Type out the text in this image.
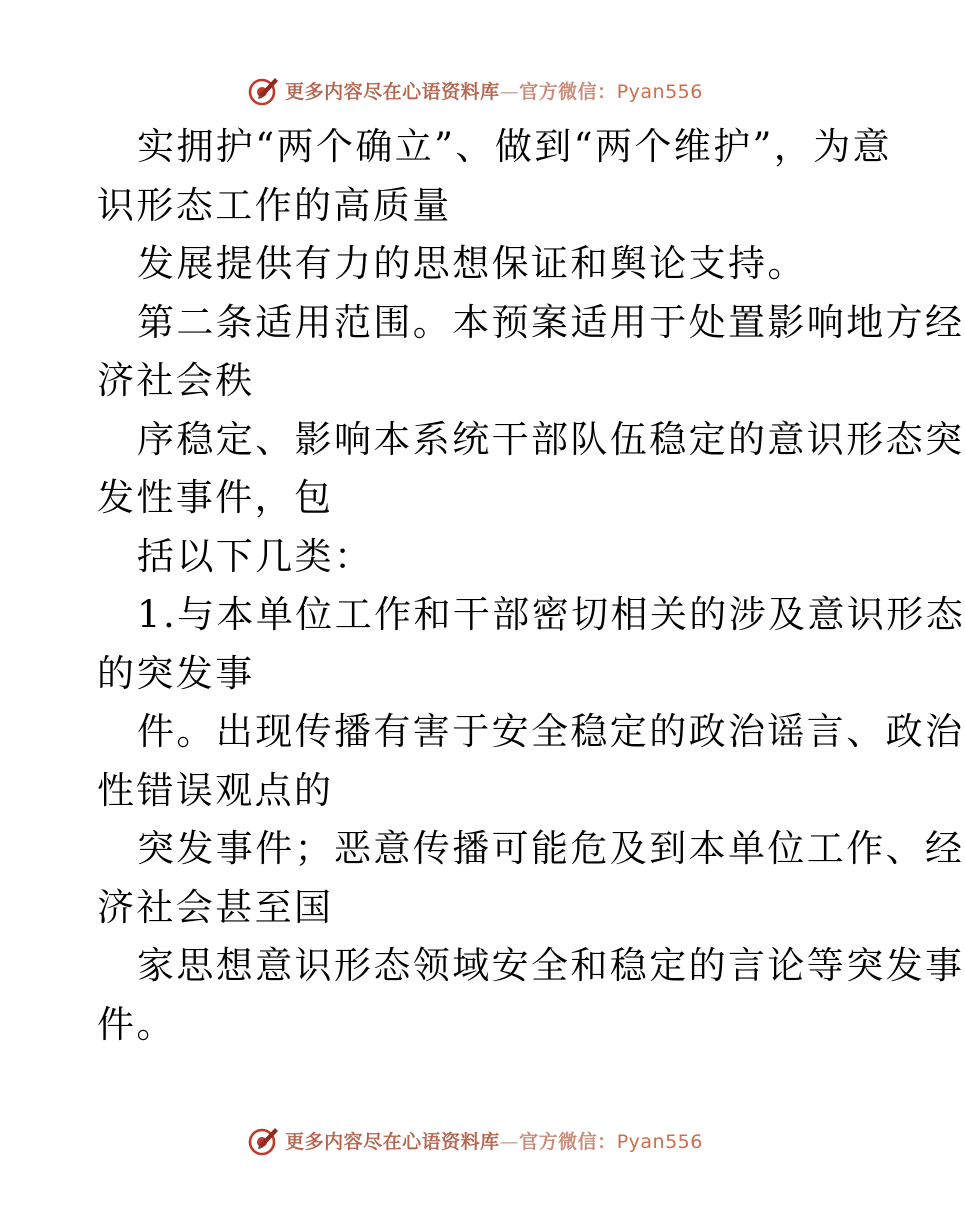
更多内容尽在心语资料库—官方微信：Pyan556
实拥护“两个确立”、做到“两个维护”，为意
识形态工作的高质量
发展提供有力的思想保证和舆论支持。
第二条适用范围。本预案适用于处置影响地方经
济社会秩
序稳定、影响本系统干部队伍稳定的意识形态突
发性事件，包
括以下几类：
1.与本单位工作和干部密切相关的涉及意识形态
的突发事
件。出现传播有害于安全稳定的政治谣言、政治
性错误观点的
突发事件；恶意传播可能危及到本单位工作、经
济社会甚至国
家思想意识形态领域安全和稳定的言论等突发事
件。
更多内容尽在心语资料库—官方微信：Pyan556
